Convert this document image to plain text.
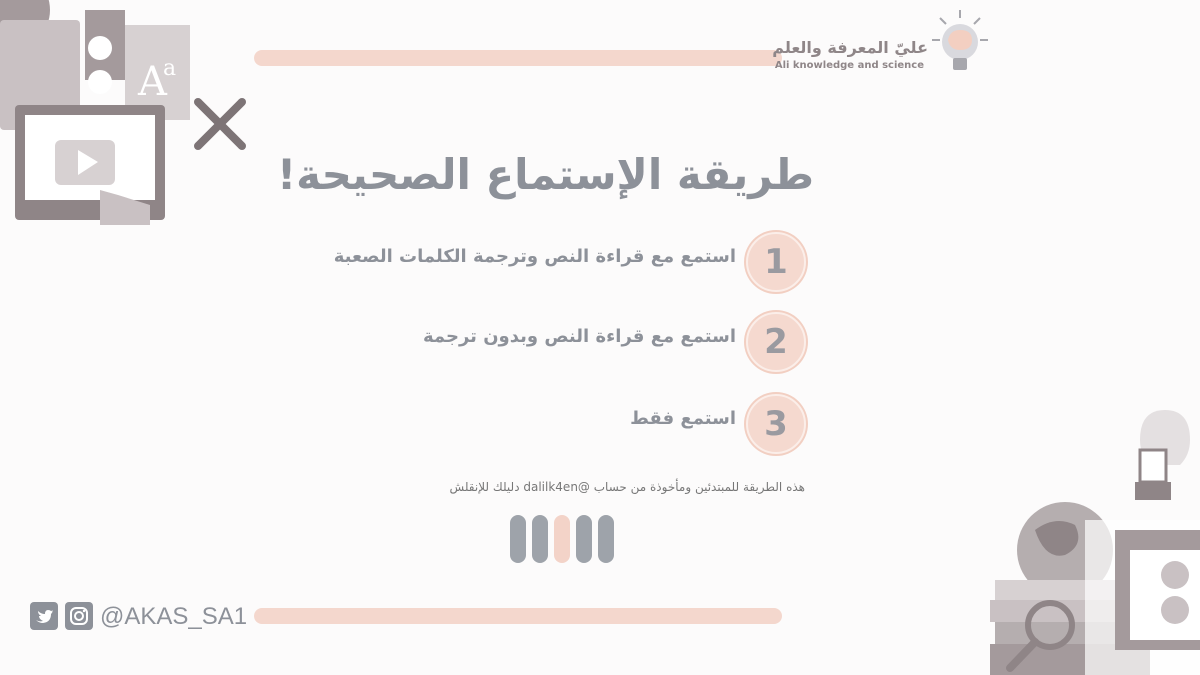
A
a
عليّ المعرفة والعلم
Ali knowledge and science
طريقة الإستماع الصحيحة!
1
استمع مع قراءة النص وترجمة الكلمات الصعبة
2
استمع مع قراءة النص وبدون ترجمة
3
استمع فقط
هذه الطريقة للمبتدئين ومأخوذة من حساب @dalilk4en دليلك للإنقلش
@AKAS_SA1
